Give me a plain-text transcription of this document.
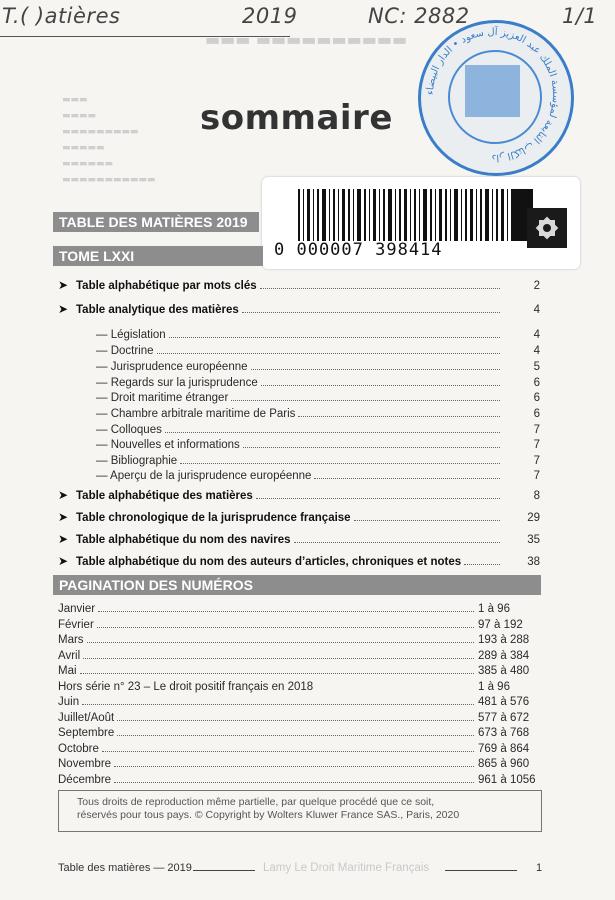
T.( )atières	2019	NC: 2882	1/1
▬▬▬ ▬▬▬▬▬▬▬▬▬▬
▬▬▬
▬▬▬▬
▬▬▬▬▬▬▬▬▬
▬▬▬▬▬
▬▬▬▬▬▬
▬▬▬▬▬▬▬▬▬▬▬
sommaire
دار الكتاب التابعة لمؤسسة الملك عبد العزيز آل سعود • الدار البيضاء
0 000007 398414
TABLE DES MATIÈRES 2019
TOME LXXI
➤ Table alphabétique par mots clés	2
➤ Table analytique des matières	4
— Législation	4
— Doctrine	4
— Jurisprudence européenne	5
— Regards sur la jurisprudence	6
— Droit maritime étranger	6
— Chambre arbitrale maritime de Paris	6
— Colloques	7
— Nouvelles et informations	7
— Bibliographie	7
— Aperçu de la jurisprudence européenne	7
➤ Table alphabétique des matières	8
➤ Table chronologique de la jurisprudence française	29
➤ Table alphabétique du nom des navires	35
➤ Table alphabétique du nom des auteurs d’articles, chroniques et notes	38
PAGINATION DES NUMÉROS
Janvier	1 à 96
Février	97 à 192
Mars	193 à 288
Avril	289 à 384
Mai	385 à 480
Hors série n° 23 – Le droit positif français en 2018	1 à 96
Juin	481 à 576
Juillet/Août	577 à 672
Septembre	673 à 768
Octobre	769 à 864
Novembre	865 à 960
Décembre	961 à 1056
Tous droits de reproduction même partielle, par quelque procédé que ce soit,
réservés pour tous pays. © Copyright by Wolters Kluwer France SAS., Paris, 2020
Table des matières — 2019	Lamy Le Droit Maritime Français	1
